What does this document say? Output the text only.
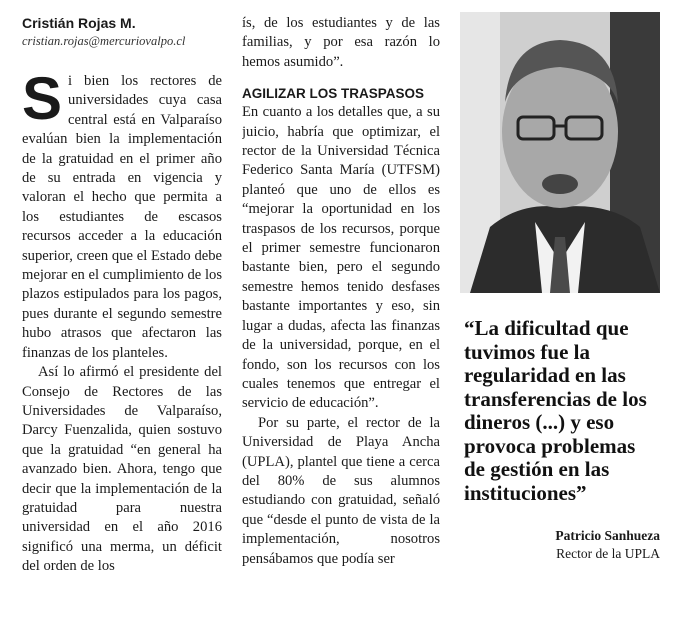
Cristián Rojas M.
cristian.rojas@mercuriovalpo.cl

Si bien los rectores de universidades cuya casa central está en Valparaíso evalúan bien la implementación de la gratuidad en el primer año de su entrada en vigencia y valoran el hecho que permita a los estudiantes de escasos recursos acceder a la educación superior, creen que el Estado debe mejorar en el cumplimiento de los plazos estipulados para los pagos, pues durante el segundo semestre hubo atrasos que afectaron las finanzas de los planteles.

Así lo afirmó el presidente del Consejo de Rectores de las Universidades de Valparaíso, Darcy Fuenzalida, quien sostuvo que la gratuidad “en general ha avanzado bien. Ahora, tengo que decir que la implementación de la gratuidad para nuestra universidad en el año 2016 significó una merma, un déficit del orden de los

ís, de los estudiantes y de las familias, y por esa razón lo hemos asumido”.

AGILIZAR LOS TRASPASOS

En cuanto a los detalles que, a su juicio, habría que optimizar, el rector de la Universidad Técnica Federico Santa María (UTFSM) planteó que uno de ellos es “mejorar la oportunidad en los traspasos de los recursos, porque el primer semestre funcionaron bastante bien, pero el segundo semestre hemos tenido desfases bastante importantes y eso, sin lugar a dudas, afecta las finanzas de la universidad, porque, en el fondo, son los recursos con los cuales tenemos que entregar el servicio de educación”.

Por su parte, el rector de la Universidad de Playa Ancha (UPLA), plantel que tiene a cerca del 80% de sus alumnos estudiando con gratuidad, señaló que “desde el punto de vista de la implementación, nosotros pensábamos que podía ser

“La dificultad que tuvimos fue la regularidad en las transferencias de los dineros (...) y eso provoca problemas de gestión en las instituciones”
Patricio Sanhueza
Rector de la UPLA
